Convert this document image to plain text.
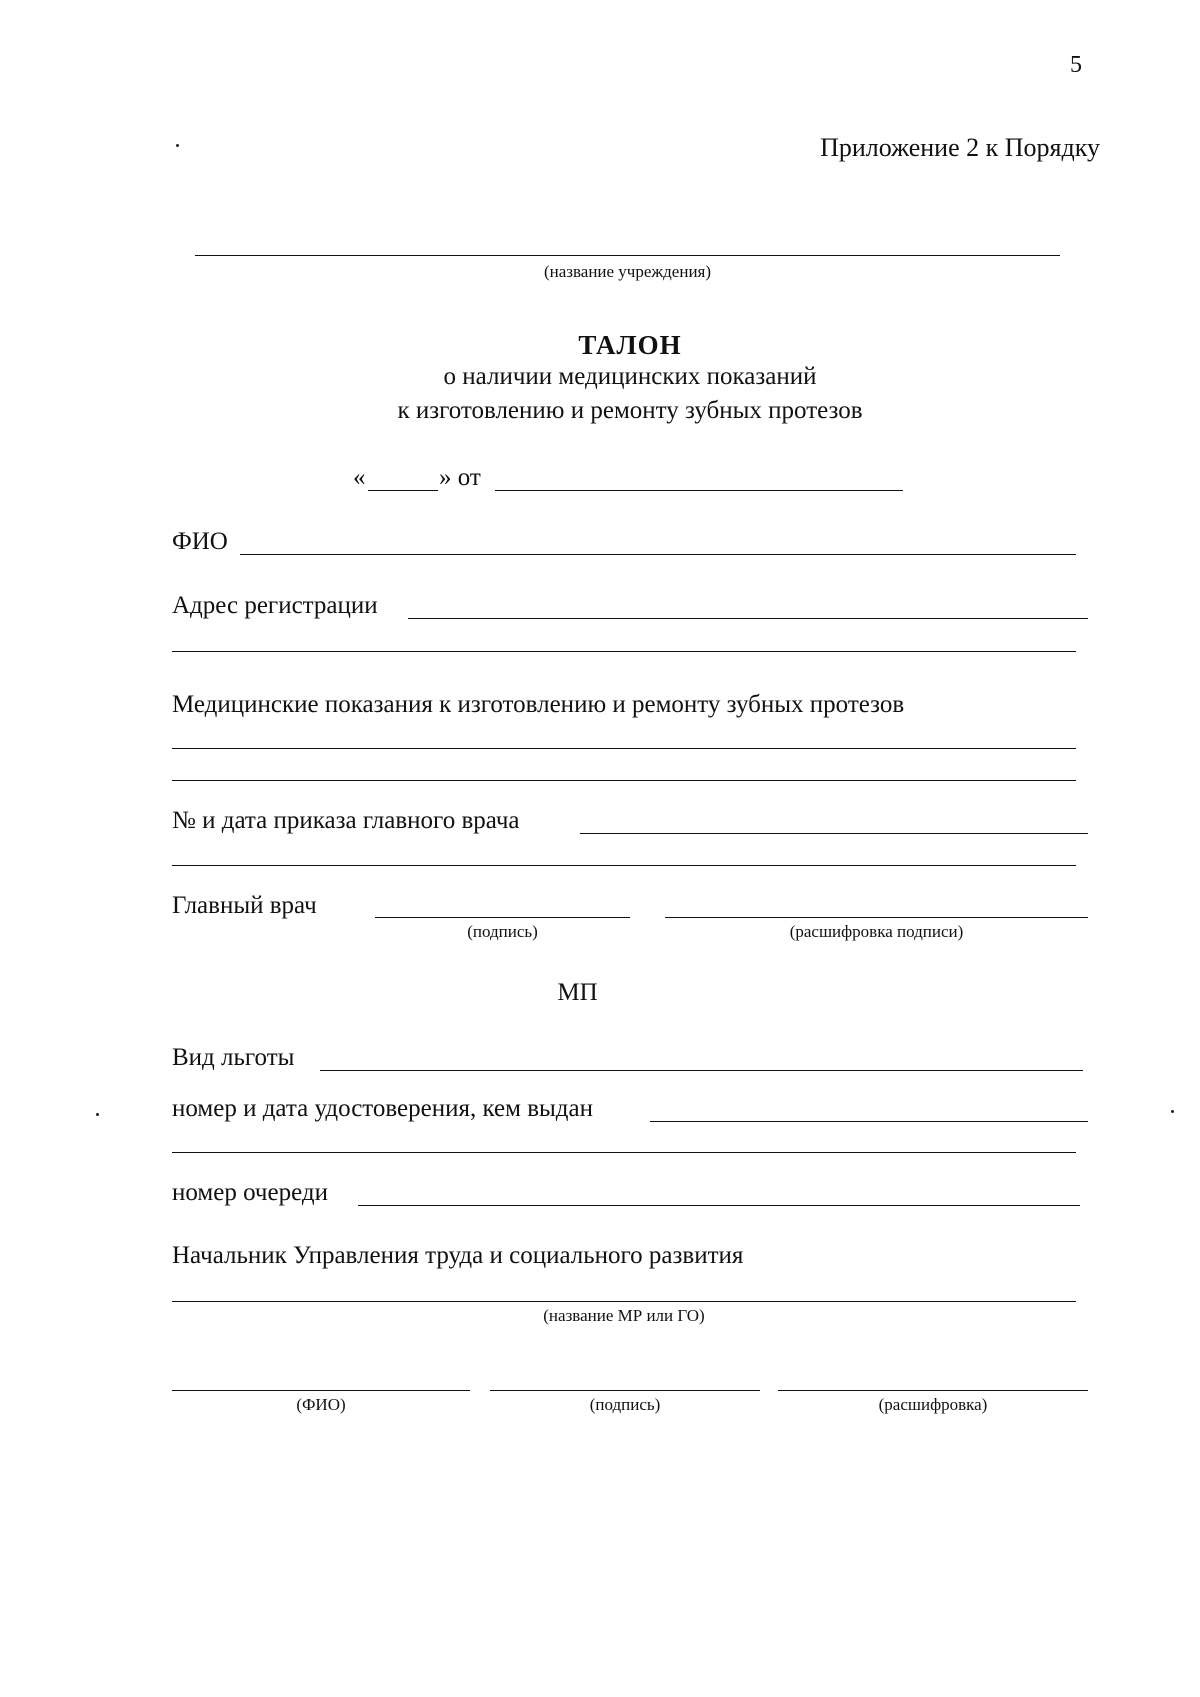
5
Приложение 2 к Порядку
(название учреждения)
ТАЛОН
о наличии медицинских показаний
к изготовлению и ремонту зубных протезов
«	» от
ФИО
Адрес регистрации
Медицинские показания к изготовлению и ремонту зубных протезов
№ и дата приказа главного врача
Главный врач
(подпись)	(расшифровка подписи)
МП
Вид льготы
номер и дата удостоверения, кем выдан
номер очереди
Начальник Управления труда и социального развития
(название МР или ГО)
(ФИО)	(подпись)	(расшифровка)
